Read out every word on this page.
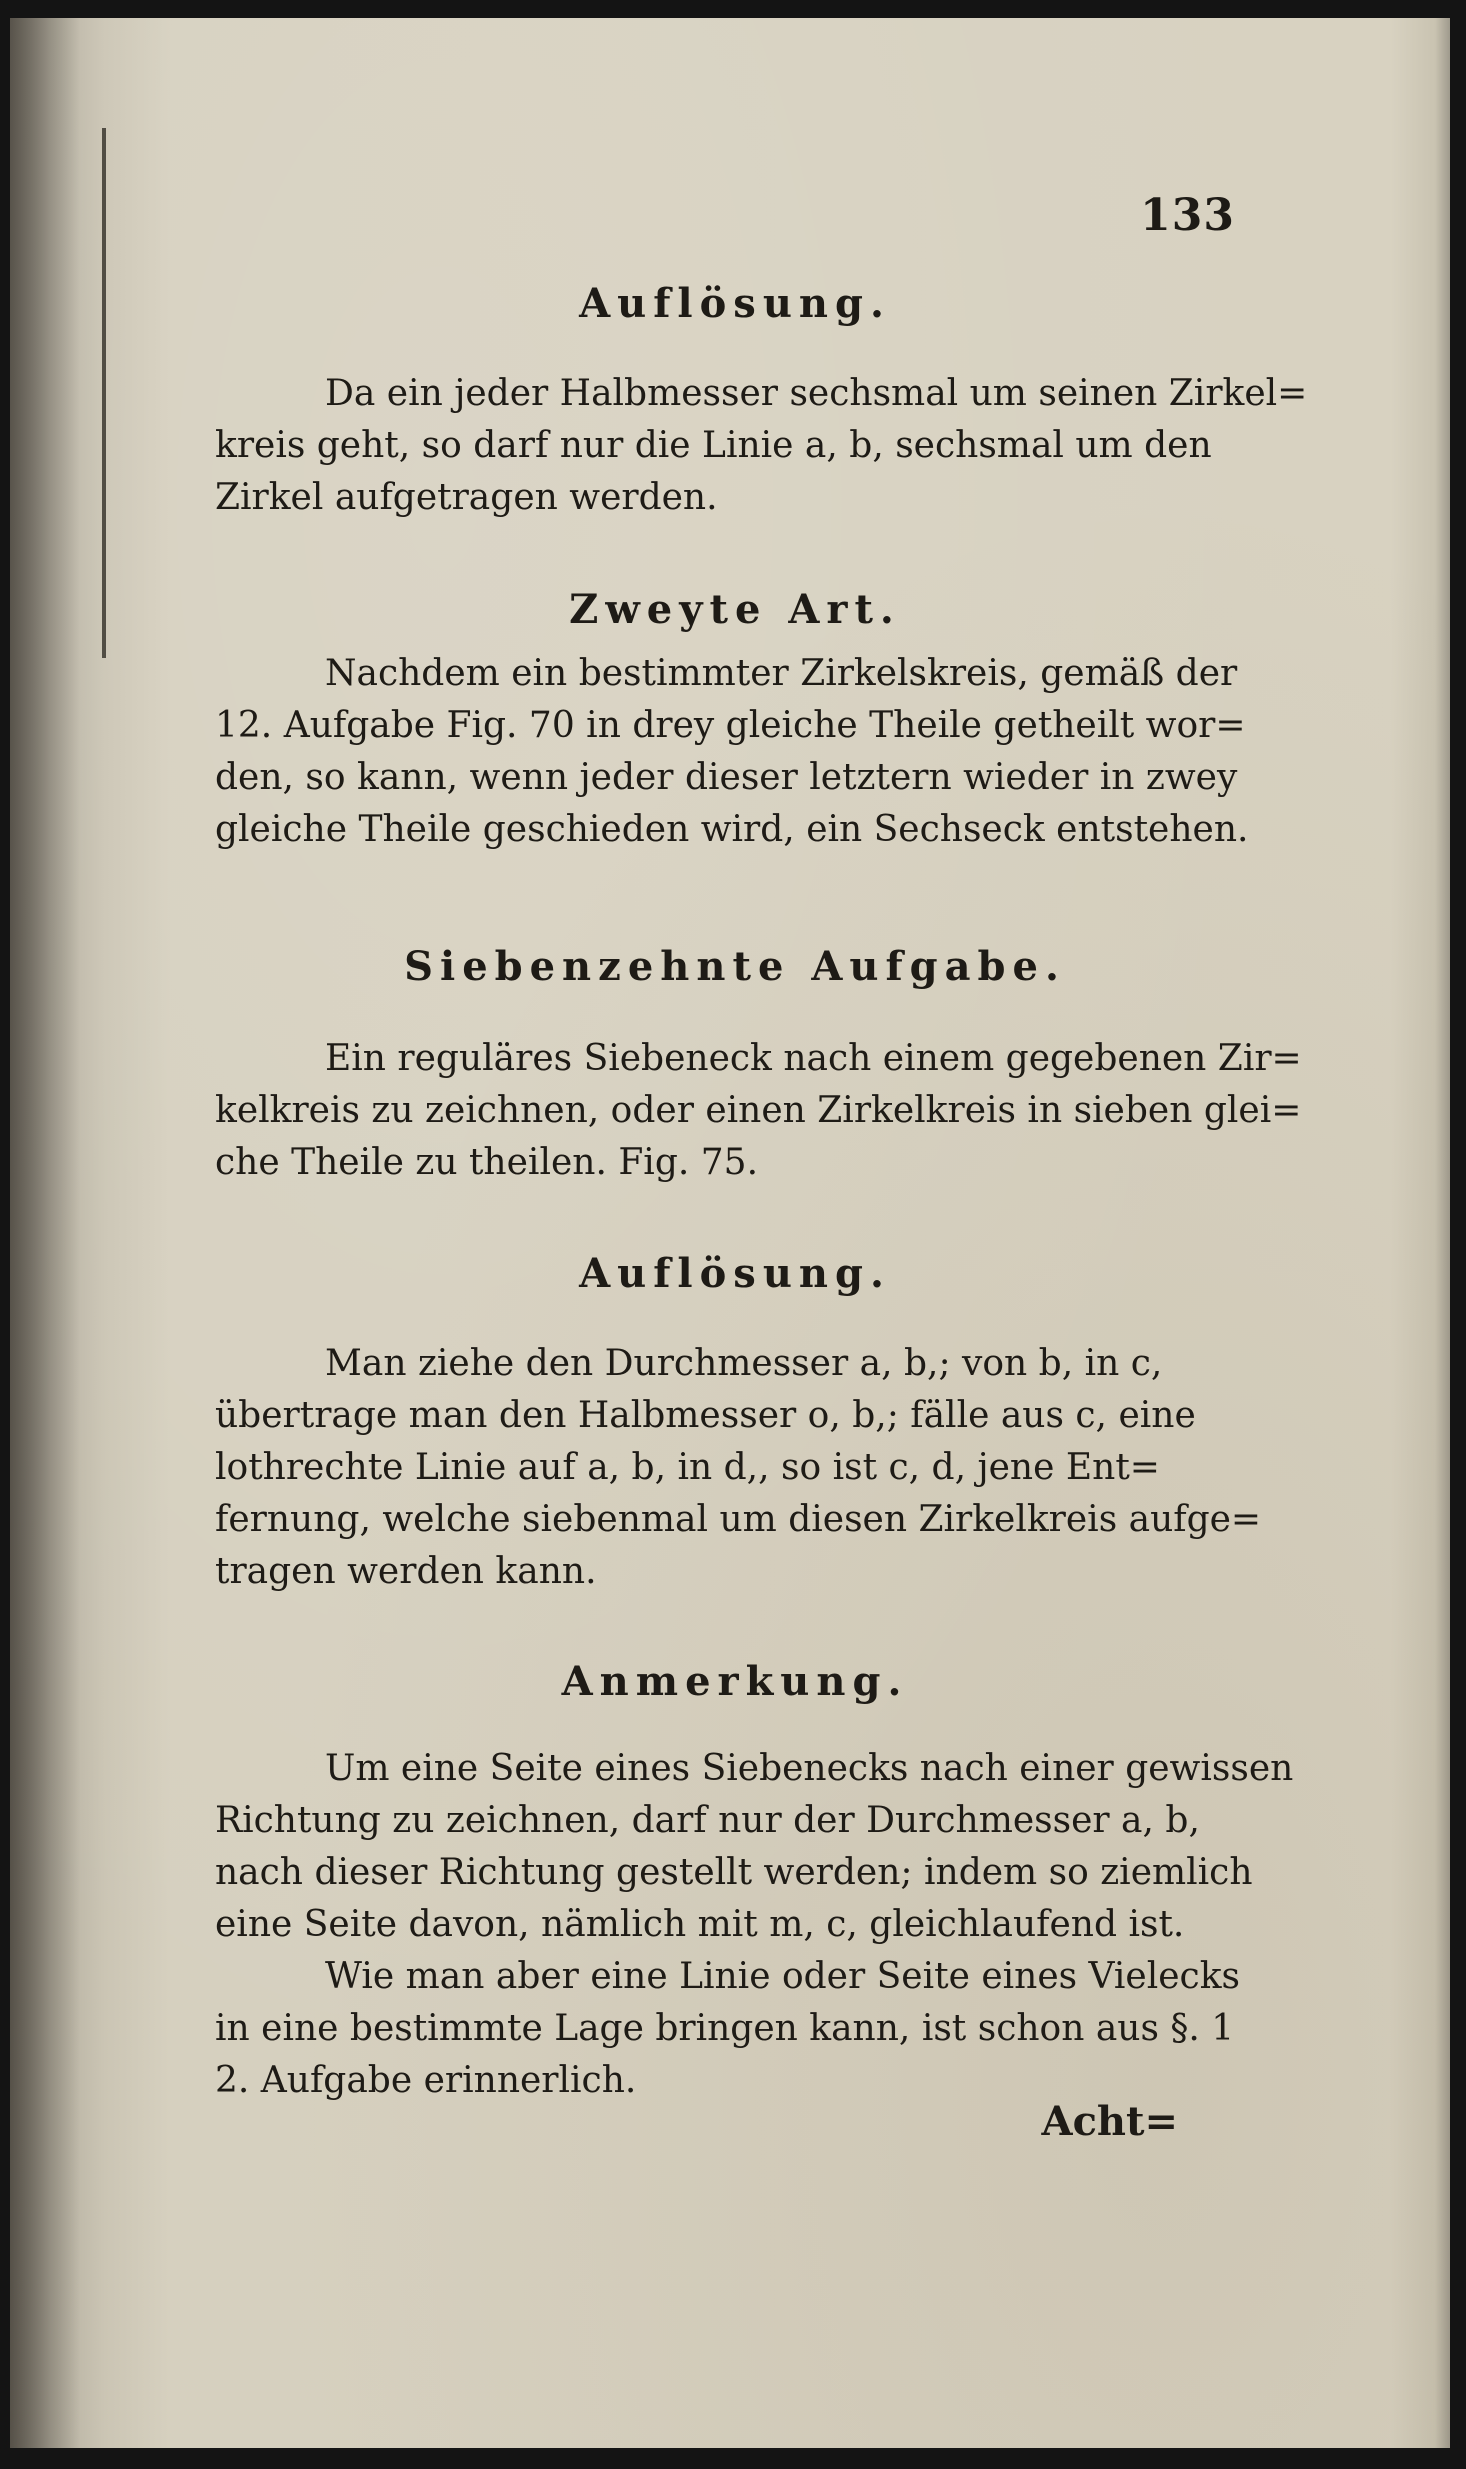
133
Auflösung.
Da ein jeder Halbmesser sechsmal um seinen Zirkel=
kreis geht, so darf nur die Linie a, b, sechsmal um den
Zirkel aufgetragen werden.
Zweyte Art.
Nachdem ein bestimmter Zirkelskreis, gemäß der
12. Aufgabe Fig. 70 in drey gleiche Theile getheilt wor=
den, so kann, wenn jeder dieser letztern wieder in zwey
gleiche Theile geschieden wird, ein Sechseck entstehen.
Siebenzehnte Aufgabe.
Ein reguläres Siebeneck nach einem gegebenen Zir=
kelkreis zu zeichnen, oder einen Zirkelkreis in sieben glei=
che Theile zu theilen. Fig. 75.
Auflösung.
Man ziehe den Durchmesser a, b,; von b, in c,
übertrage man den Halbmesser o, b,; fälle aus c, eine
lothrechte Linie auf a, b, in d,, so ist c, d, jene Ent=
fernung, welche siebenmal um diesen Zirkelkreis aufge=
tragen werden kann.
Anmerkung.
Um eine Seite eines Siebenecks nach einer gewissen
Richtung zu zeichnen, darf nur der Durchmesser a, b,
nach dieser Richtung gestellt werden; indem so ziemlich
eine Seite davon, nämlich mit m, c, gleichlaufend ist.
Wie man aber eine Linie oder Seite eines Vielecks
in eine bestimmte Lage bringen kann, ist schon aus §. 1
2. Aufgabe erinnerlich.
Acht=
